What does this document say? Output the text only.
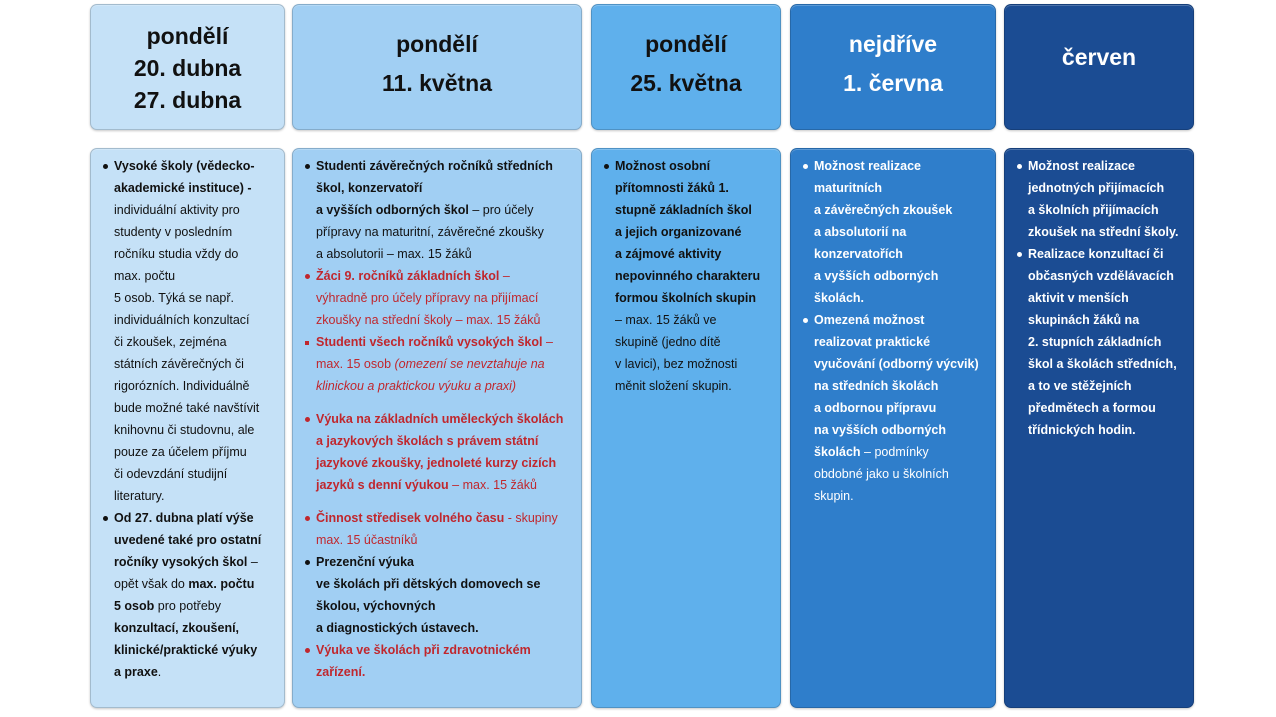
pondělí
20. dubna
27. dubna
Vysoké školy (vědecko-
akademické instituce) -
individuální aktivity pro
studenty v posledním
ročníku studia vždy do
max. počtu
5 osob. Týká se např.
individuálních konzultací
či zkoušek, zejména
státních závěrečných či
rigorózních. Individuálně
bude možné také navštívit
knihovnu či studovnu, ale
pouze za účelem příjmu
či odevzdání studijní
literatury.
Od 27. dubna platí výše
uvedené také pro ostatní
ročníky vysokých škol –
opět však do max. počtu
5 osob pro potřeby
konzultací, zkoušení,
klinické/praktické výuky
a praxe.
pondělí
11. května
Studenti závěrečných ročníků středních
škol, konzervatoří
a vyšších odborných škol – pro účely
přípravy na maturitní, závěrečné zkoušky
a absolutorii – max. 15 žáků
Žáci 9. ročníků základních škol –
výhradně pro účely přípravy na přijímací
zkoušky na střední školy – max. 15 žáků
Studenti všech ročníků vysokých škol –
max. 15 osob (omezení se nevztahuje na
klinickou a praktickou výuku a praxi)
Výuka na základních uměleckých školách
a jazykových školách s právem státní
jazykové zkoušky, jednoleté kurzy cizích
jazyků s denní výukou – max. 15 žáků
Činnost středisek volného času - skupiny
max. 15 účastníků
Prezenční výuka
ve školách při dětských domovech se
školou, výchovných
a diagnostických ústavech.
Výuka ve školách při zdravotnickém
zařízení.
pondělí
25. května
Možnost osobní
přítomnosti žáků 1.
stupně základních škol
a jejich organizované
a zájmové aktivity
nepovinného charakteru
formou školních skupin
– max. 15 žáků ve
skupině (jedno dítě
v lavici), bez možnosti
měnit složení skupin.
nejdříve
1. června
Možnost realizace
maturitních
a závěrečných zkoušek
a absolutorií na
konzervatořích
a vyšších odborných
školách.
Omezená možnost
realizovat praktické
vyučování (odborný výcvik)
na středních školách
a odbornou přípravu
na vyšších odborných
školách – podmínky
obdobné jako u školních
skupin.
červen
Možnost realizace
jednotných přijímacích
a školních přijímacích
zkoušek na střední školy.
Realizace konzultací či
občasných vzdělávacích
aktivit v menších
skupinách žáků na
2. stupních základních
škol a školách středních,
a to ve stěžejních
předmětech a formou
třídnických hodin.
